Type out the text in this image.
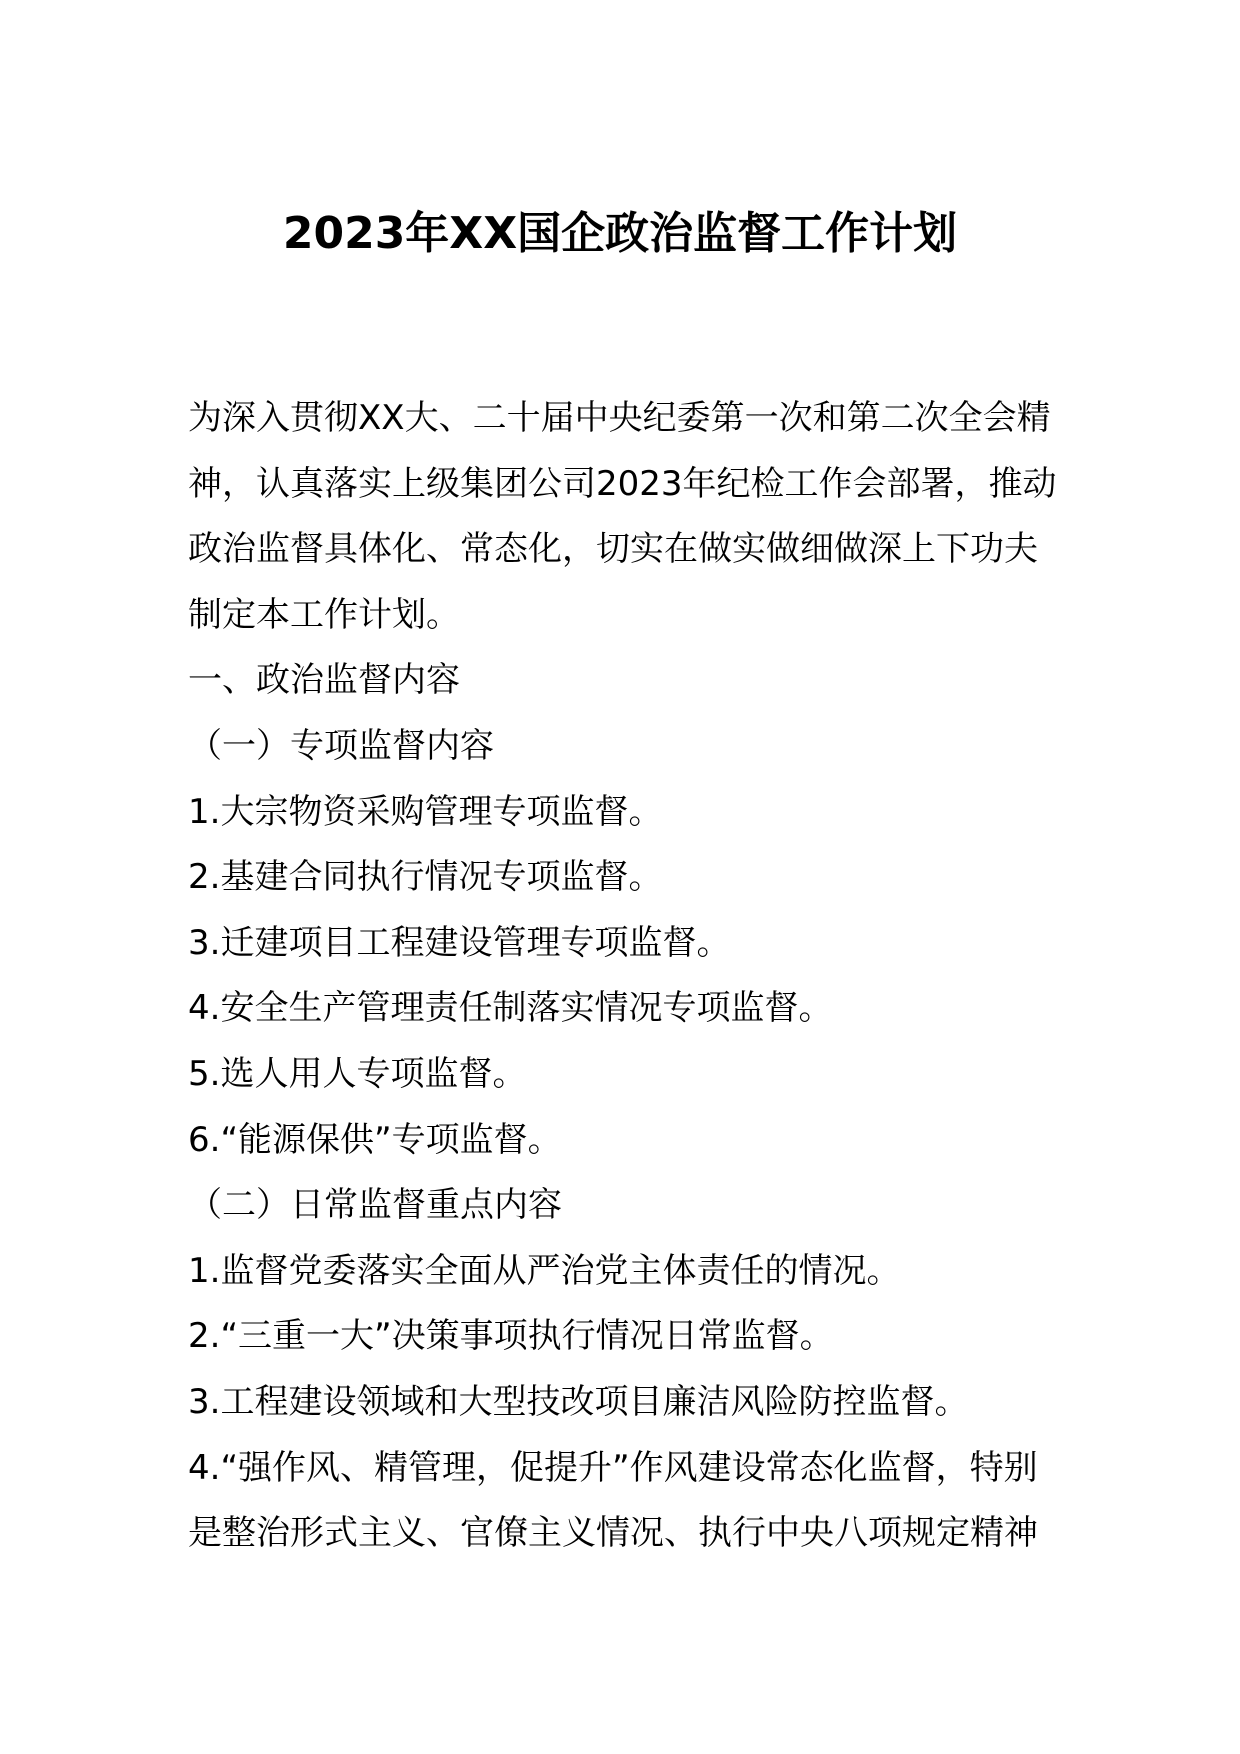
2023年XX国企政治监督工作计划

为深入贯彻XX大、二十届中央纪委第一次和第二次全会精

神，认真落实上级集团公司2023年纪检工作会部署，推动

政治监督具体化、常态化，切实在做实做细做深上下功夫

制定本工作计划。

一、政治监督内容

（一）专项监督内容

1.大宗物资采购管理专项监督。

2.基建合同执行情况专项监督。

3.迁建项目工程建设管理专项监督。

4.安全生产管理责任制落实情况专项监督。

5.选人用人专项监督。

6.“能源保供”专项监督。

（二）日常监督重点内容

1.监督党委落实全面从严治党主体责任的情况。

2.“三重一大”决策事项执行情况日常监督。

3.工程建设领域和大型技改项目廉洁风险防控监督。

4.“强作风、精管理，促提升”作风建设常态化监督，特别

是整治形式主义、官僚主义情况、执行中央八项规定精神
